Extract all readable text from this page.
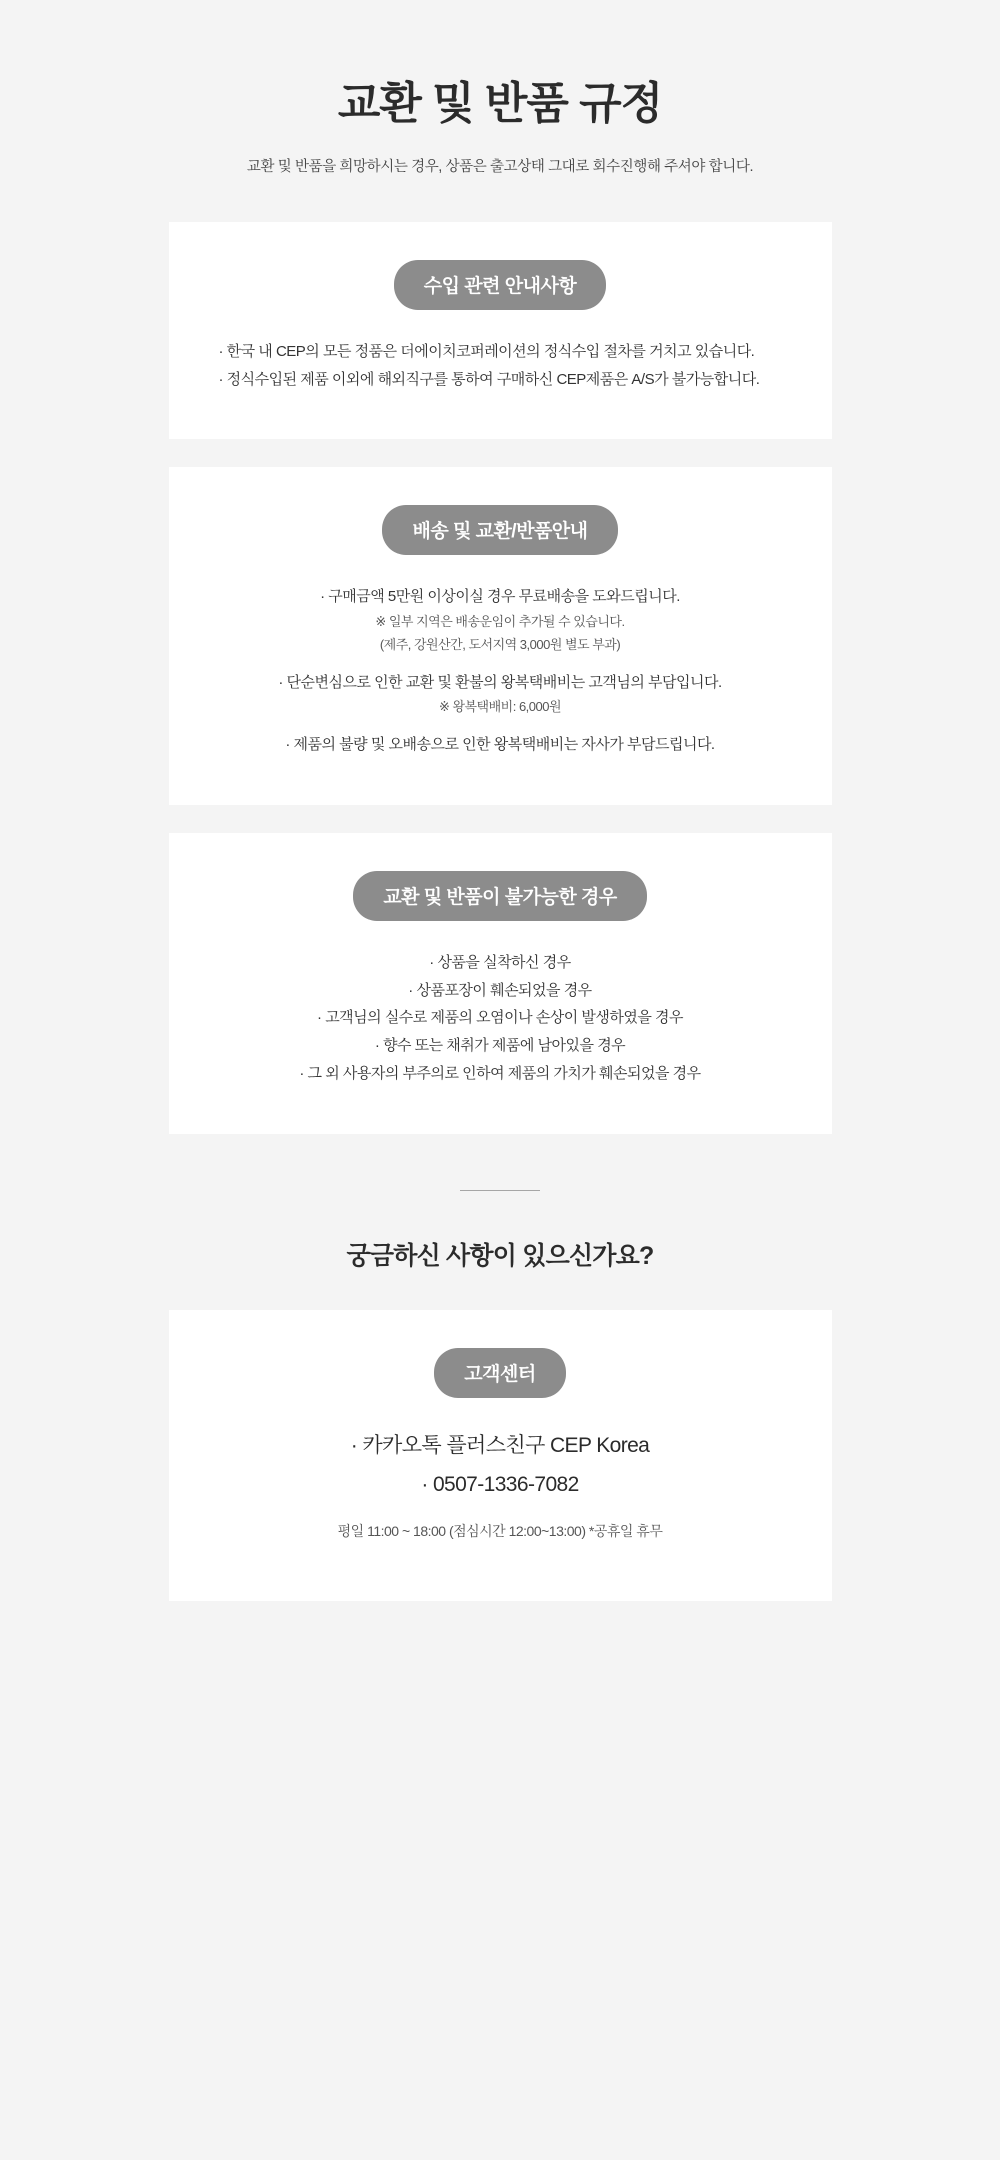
교환 및 반품 규정

교환 및 반품을 희망하시는 경우, 상품은 출고상태 그대로 회수진행해 주셔야 합니다.

수입 관련 안내사항
· 한국 내 CEP의 모든 정품은 더에이치코퍼레이션의 정식수입 절차를 거치고 있습니다.
· 정식수입된 제품 이외에 해외직구를 통하여 구매하신 CEP제품은 A/S가 불가능합니다.
배송 및 교환/반품안내
· 구매금액 5만원 이상이실 경우 무료배송을 도와드립니다.
※ 일부 지역은 배송운임이 추가될 수 있습니다.
(제주, 강원산간, 도서지역 3,000원 별도 부과)
· 단순변심으로 인한 교환 및 환불의 왕복택배비는 고객님의 부담입니다.
※ 왕복택배비: 6,000원
· 제품의 불량 및 오배송으로 인한 왕복택배비는 자사가 부담드립니다.
교환 및 반품이 불가능한 경우
· 상품을 실착하신 경우
· 상품포장이 훼손되었을 경우
· 고객님의 실수로 제품의 오염이나 손상이 발생하였을 경우
· 향수 또는 채취가 제품에 남아있을 경우
· 그 외 사용자의 부주의로 인하여 제품의 가치가 훼손되었을 경우
궁금하신 사항이 있으신가요?
고객센터
· 카카오톡 플러스친구 CEP Korea
· 0507-1336-7082
평일 11:00 ~ 18:00 (점심시간 12:00~13:00) *공휴일 휴무
